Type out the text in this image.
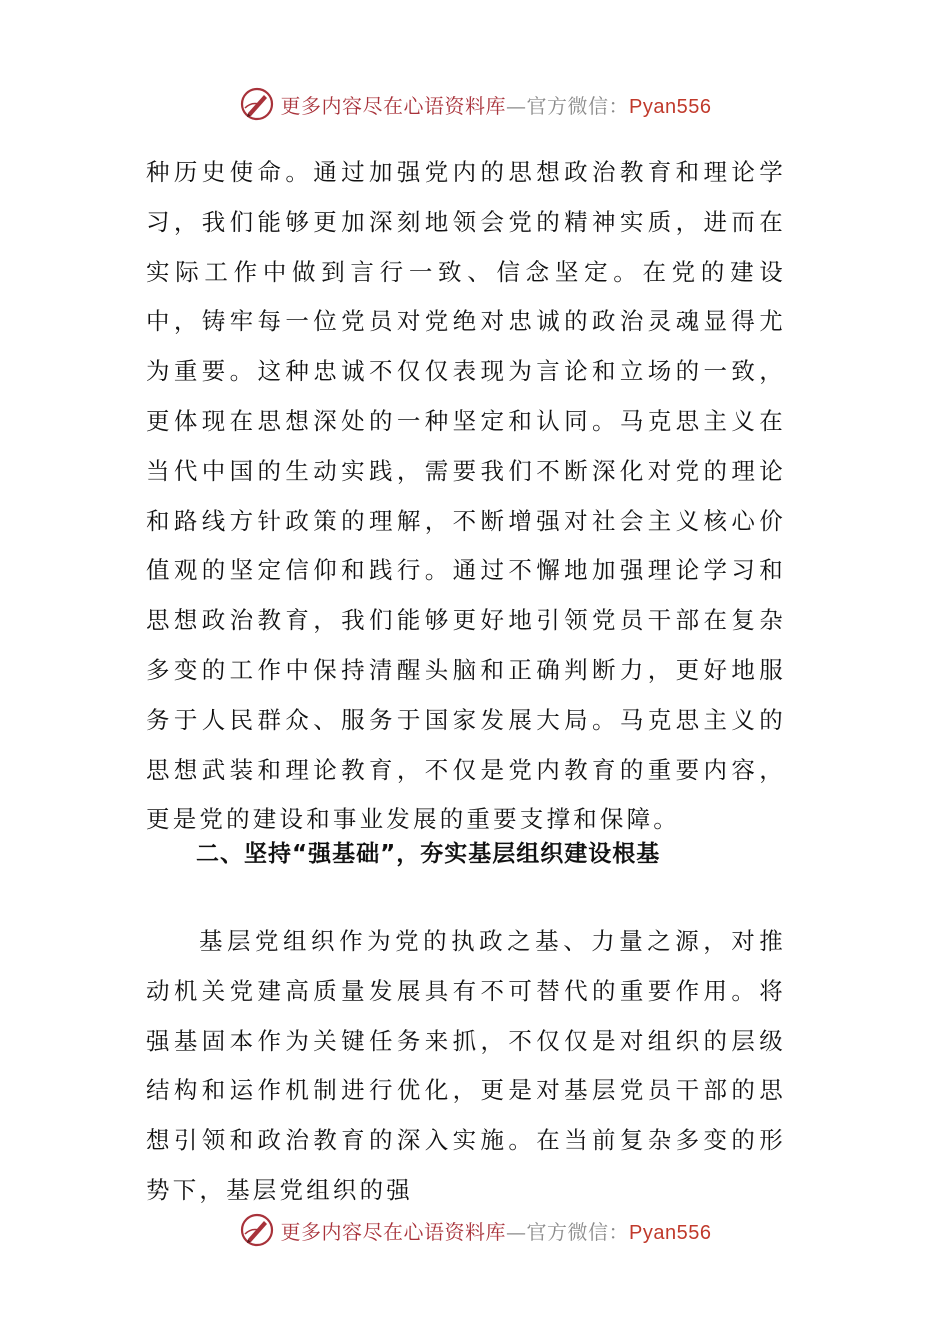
更多内容尽在心语资料库 — 官方微信： Pyan556

种历史使命。通过加强党内的思想政治教育和理论学习，我们能够更加深刻地领会党的精神实质，进而在实际工作中做到言行一致、信念坚定。在党的建设中，铸牢每一位党员对党绝对忠诚的政治灵魂显得尤为重要。这种忠诚不仅仅表现为言论和立场的一致，更体现在思想深处的一种坚定和认同。马克思主义在当代中国的生动实践，需要我们不断深化对党的理论和路线方针政策的理解，不断增强对社会主义核心价值观的坚定信仰和践行。通过不懈地加强理论学习和思想政治教育，我们能够更好地引领党员干部在复杂多变的工作中保持清醒头脑和正确判断力，更好地服务于人民群众、服务于国家发展大局。马克思主义的思想武装和理论教育，不仅是党内教育的重要内容，更是党的建设和事业发展的重要支撑和保障。

二、坚持“强基础”，夯实基层组织建设根基

基层党组织作为党的执政之基、力量之源，对推动机关党建高质量发展具有不可替代的重要作用。将强基固本作为关键任务来抓，不仅仅是对组织的层级结构和运作机制进行优化，更是对基层党员干部的思想引领和政治教育的深入实施。在当前复杂多变的形势下，基层党组织的强

更多内容尽在心语资料库 — 官方微信： Pyan556
